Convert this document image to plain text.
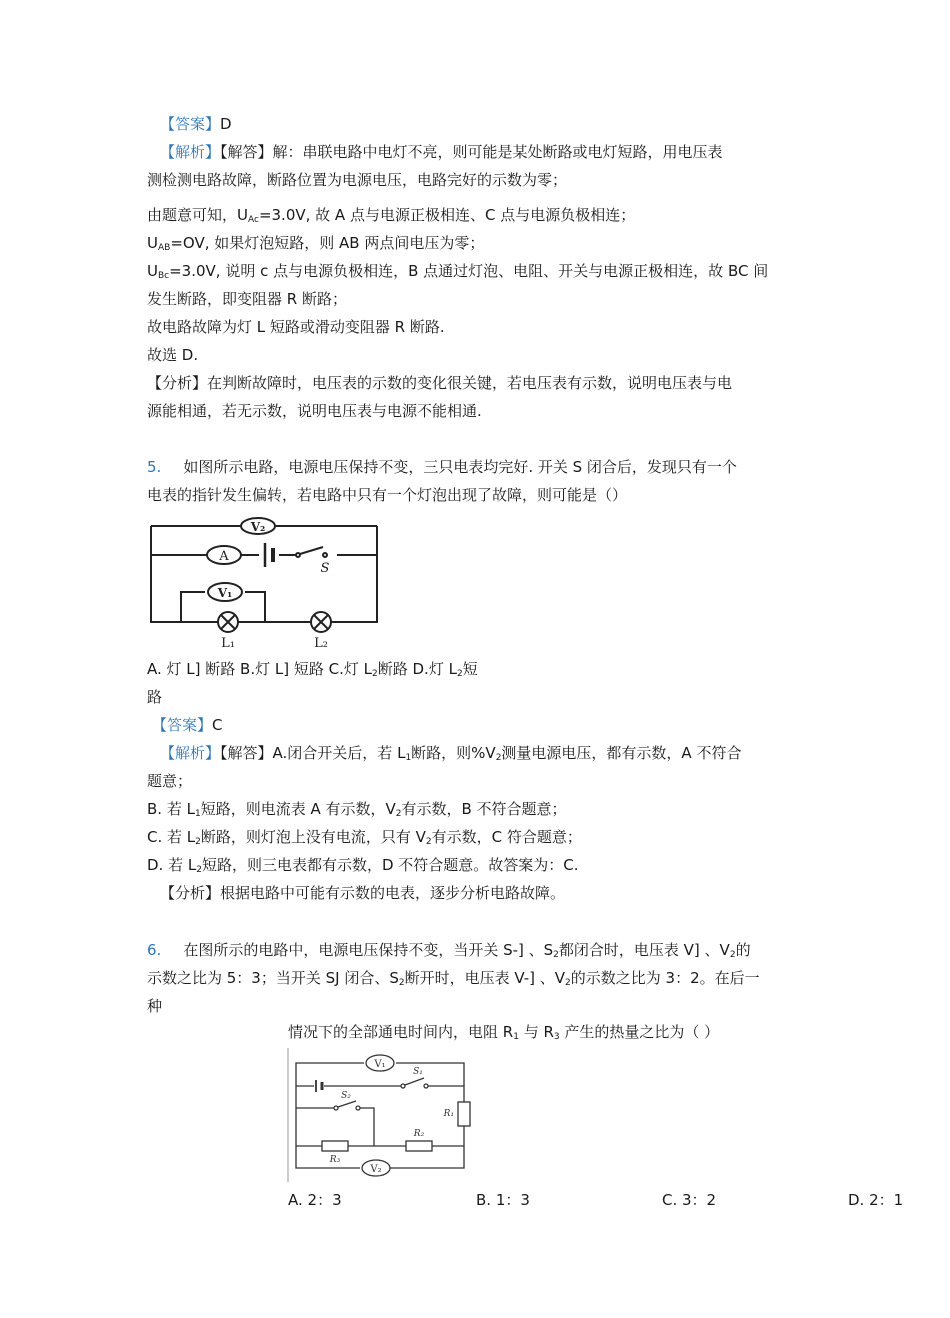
【答案】D
【解析】【解答】解：串联电路中电灯不亮，则可能是某处断路或电灯短路，用电压表
测检测电路故障，断路位置为电源电压，电路完好的示数为零；
由题意可知，$U_{Ac}=3.0V$, 故 A 点与电源正极相连、C 点与电源负极相连；
$U_{AB}=OV$, 如果灯泡短路，则 AB 两点间电压为零；
$U_{Bc}=3.0V$, 说明 c 点与电源负极相连，B 点通过灯泡、电阻、开关与电源正极相连，故 BC 间
发生断路，即变阻器 R 断路；
故电路故障为灯 L 短路或滑动变阻器 R 断路.
故选 D.
【分析】在判断故障时，电压表的示数的变化很关键，若电压表有示数，说明电压表与电
源能相通，若无示数，说明电压表与电源不能相通.
5. 如图所示电路，电源电压保持不变，三只电表均完好. 开关 S 闭合后，发现只有一个
电表的指针发生偏转，若电路中只有一个灯泡出现了故障，则可能是（）
V₂
A
S
V₁
L₁	L₂
A. 灯 L] 断路 B.灯 L] 短路 C.灯 $L_2$断路 D.灯 $L_2$短
路
【答案】C
【解析】【解答】A.闭合开关后，若 $L_1$断路，则$\%V_2$测量电源电压，都有示数，A 不符合
题意；
B. 若 $L_1$短路，则电流表 A 有示数，$V_2$有示数，B 不符合题意；
C. 若 $L_2$断路，则灯泡上没有电流，只有 $V_2$有示数，C 符合题意；
D. 若 $L_2$短路，则三电表都有示数，D 不符合题意。故答案为：C.
【分析】根据电路中可能有示数的电表，逐步分析电路故障。
6. 在图所示的电路中，电源电压保持不变，当开关 S-] 、$S_2$都闭合时，电压表 V] 、$V_2$的
示数之比为 5：3；当开关 SJ 闭合、$S_2$断开时，电压表 V-] 、$V_2$的示数之比为 3：2。在后一
种
情况下的全部通电时间内，电阻 $R_1$ 与 $R_3$ 产生的热量之比为（ ）
V₁
S₁
R₁
S₂
R₃
R₂
V₂
A. 2：3	B. 1：3	C. 3：2	D. 2：1
